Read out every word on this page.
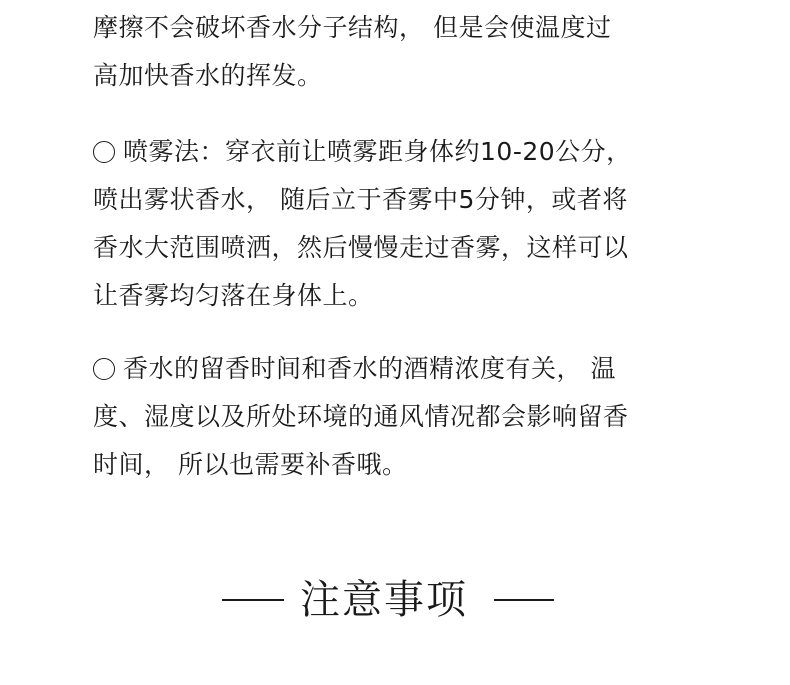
摩擦不会破坏香水分子结构， 但是会使温度过
高加快香水的挥发。

喷雾法：穿衣前让喷雾距身体约10-20公分，
喷出雾状香水， 随后立于香雾中5分钟，或者将
香水大范围喷洒，然后慢慢走过香雾，这样可以
让香雾均匀落在身体上。

香水的留香时间和香水的酒精浓度有关， 温
度、湿度以及所处环境的通风情况都会影响留香
时间， 所以也需要补香哦。

注意事项
